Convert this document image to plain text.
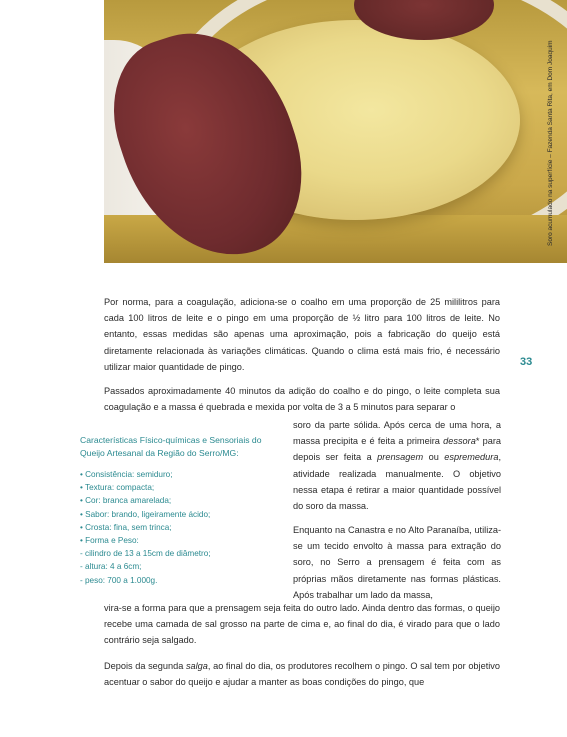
Soro acumulado na superfície – Fazenda Santa Rita, em Dom Joaquim
33

Por norma, para a coagulação, adiciona-se o coalho em uma proporção de 25 mililitros para cada 100 litros de leite e o pingo em uma proporção de ½ litro para 100 litros de leite. No entanto, essas medidas são apenas uma aproximação, pois a fabricação do queijo está diretamente relacionada às variações climáticas. Quando o clima está mais frio, é necessário utilizar maior quantidade de pingo.

Passados aproximadamente 40 minutos da adição do coalho e do pingo, o leite completa sua coagulação e a massa é quebrada e mexida por volta de 3 a 5 minutos para separar o

soro da parte sólida. Após cerca de uma hora, a massa precipita e é feita a primeira dessora* para depois ser feita a prensagem ou espremedura, atividade realizada manualmente. O objetivo nessa etapa é retirar a maior quantidade possível do soro da massa.

Enquanto na Canastra e no Alto Paranaíba, utiliza-se um tecido envolto à massa para extração do soro, no Serro a prensagem é feita com as próprias mãos diretamente nas formas plásticas. Após trabalhar um lado da massa,

vira-se a forma para que a prensagem seja feita do outro lado. Ainda dentro das formas, o queijo recebe uma camada de sal grosso na parte de cima e, ao final do dia, é virado para que o lado contrário seja salgado.

Depois da segunda salga, ao final do dia, os produtores recolhem o pingo. O sal tem por objetivo acentuar o sabor do queijo e ajudar a manter as boas condições do pingo, que

Características Físico-químicas e Sensoriais do Queijo Artesanal da Região do Serro/MG:

• Consistência: semiduro;
• Textura: compacta;
• Cor: branca amarelada;
• Sabor: brando, ligeiramente ácido;
• Crosta: fina, sem trinca;
• Forma e Peso:
- cilindro de 13 a 15cm de diâmetro;
- altura: 4 a 6cm;
- peso: 700 a 1.000g.
